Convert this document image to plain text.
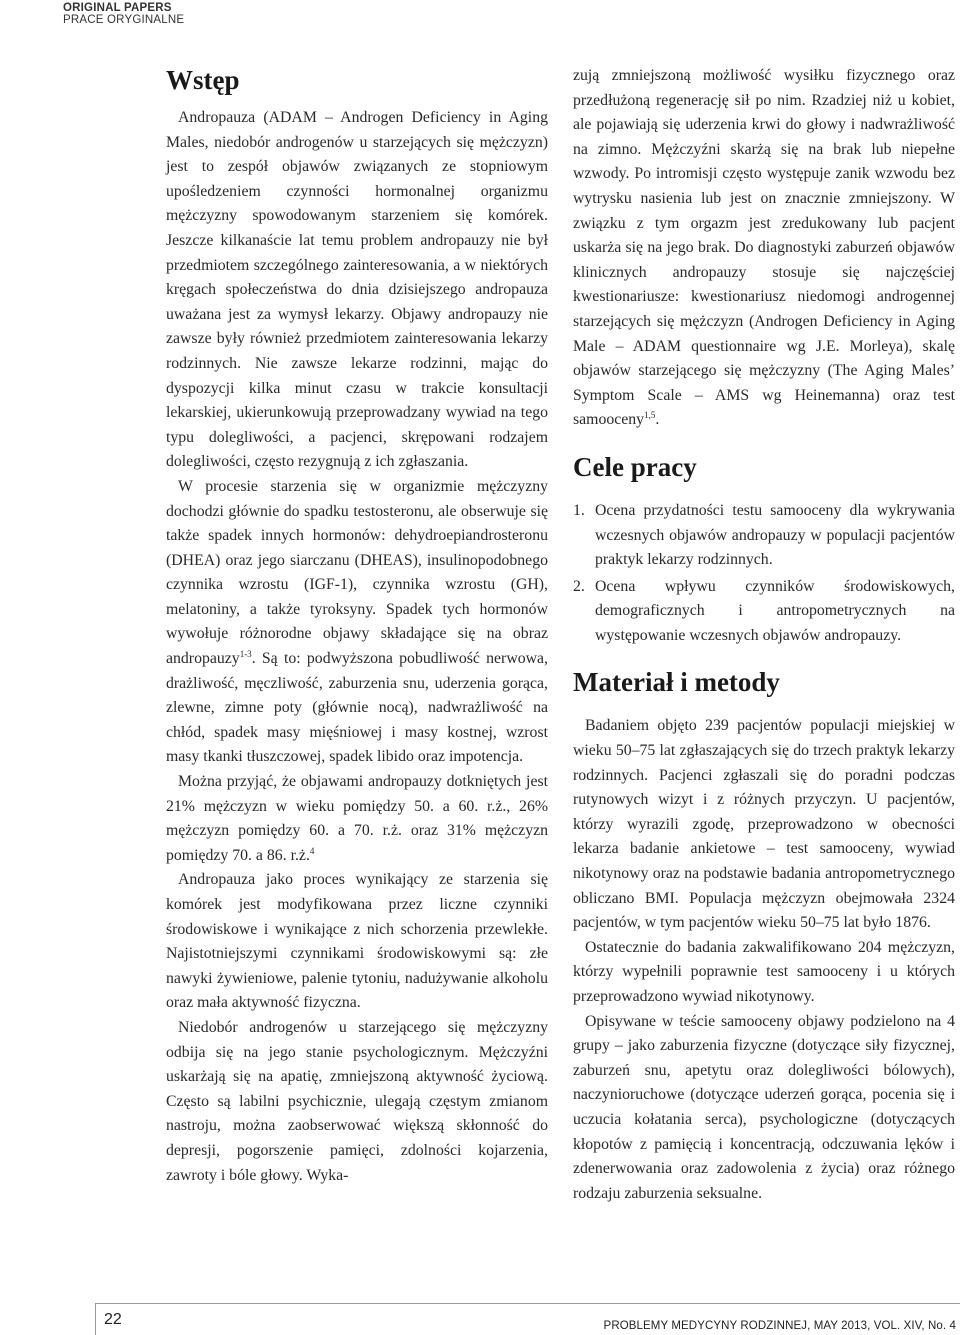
ORIGINAL PAPERS
PRACE ORYGINALNE
Wstęp

Andropauza (ADAM – Androgen Deficiency in Aging Males, niedobór androgenów u starzejących się mężczyzn) jest to zespół objawów związanych ze stopniowym upośledzeniem czynności hormonalnej organizmu mężczyzny spowodowanym starzeniem się komórek. Jeszcze kilkanaście lat temu problem andropauzy nie był przedmiotem szczególnego zainteresowania, a w niektórych kręgach społeczeństwa do dnia dzisiejszego andropauza uważana jest za wymysł lekarzy. Objawy andropauzy nie zawsze były również przedmiotem zainteresowania lekarzy rodzinnych. Nie zawsze lekarze rodzinni, mając do dyspozycji kilka minut czasu w trakcie konsultacji lekarskiej, ukierunkowują przeprowadzany wywiad na tego typu dolegliwości, a pacjenci, skrępowani rodzajem dolegliwości, często rezygnują z ich zgłaszania.

W procesie starzenia się w organizmie mężczyzny dochodzi głównie do spadku testosteronu, ale obserwuje się także spadek innych hormonów: dehydroepiandrosteronu (DHEA) oraz jego siarczanu (DHEAS), insulinopodobnego czynnika wzrostu (IGF-1), czynnika wzrostu (GH), melatoniny, a także tyroksyny. Spadek tych hormonów wywołuje różnorodne objawy składające się na obraz andropauzy$^{1-3}$. Są to: podwyższona pobudliwość nerwowa, drażliwość, męczliwość, zaburzenia snu, uderzenia gorąca, zlewne, zimne poty (głównie nocą), nadwrażliwość na chłód, spadek masy mięśniowej i masy kostnej, wzrost masy tkanki tłuszczowej, spadek libido oraz impotencja.

Można przyjąć, że objawami andropauzy dotkniętych jest 21% mężczyzn w wieku pomiędzy 50. a 60. r.ż., 26% mężczyzn pomiędzy 60. a 70. r.ż. oraz 31% mężczyzn pomiędzy 70. a 86. r.ż.$^4$

Andropauza jako proces wynikający ze starzenia się komórek jest modyfikowana przez liczne czynniki środowiskowe i wynikające z nich schorzenia przewlekłe. Najistotniejszymi czynnikami środowiskowymi są: złe nawyki żywieniowe, palenie tytoniu, nadużywanie alkoholu oraz mała aktywność fizyczna.

Niedobór androgenów u starzejącego się mężczyzny odbija się na jego stanie psychologicznym. Mężczyźni uskarżają się na apatię, zmniejszoną aktywność życiową. Często są labilni psychicznie, ulegają częstym zmianom nastroju, można zaobserwować większą skłonność do depresji, pogorszenie pamięci, zdolności kojarzenia, zawroty i bóle głowy. Wyka-

zują zmniejszoną możliwość wysiłku fizycznego oraz przedłużoną regenerację sił po nim. Rzadziej niż u kobiet, ale pojawiają się uderzenia krwi do głowy i nadwrażliwość na zimno. Mężczyźni skarżą się na brak lub niepełne wzwody. Po intromisji często występuje zanik wzwodu bez wytrysku nasienia lub jest on znacznie zmniejszony. W związku z tym orgazm jest zredukowany lub pacjent uskarża się na jego brak. Do diagnostyki zaburzeń objawów klinicznych andropauzy stosuje się najczęściej kwestionariusze: kwestionariusz niedomogi androgennej starzejących się mężczyzn (Androgen Deficiency in Aging Male – ADAM questionnaire wg J.E. Morleya), skalę objawów starzejącego się mężczyzny (The Aging Males’ Symptom Scale – AMS wg Heinemanna) oraz test samooceny$^{1,5}$.

Cele pracy
1. Ocena przydatności testu samooceny dla wykrywania wczesnych objawów andropauzy w populacji pacjentów praktyk lekarzy rodzinnych.
2. Ocena wpływu czynników środowiskowych, demograficznych i antropometrycznych na występowanie wczesnych objawów andropauzy.
Materiał i metody

Badaniem objęto 239 pacjentów populacji miejskiej w wieku 50–75 lat zgłaszających się do trzech praktyk lekarzy rodzinnych. Pacjenci zgłaszali się do poradni podczas rutynowych wizyt i z różnych przyczyn. U pacjentów, którzy wyrazili zgodę, przeprowadzono w obecności lekarza badanie ankietowe – test samooceny, wywiad nikotynowy oraz na podstawie badania antropometrycznego obliczano BMI. Populacja mężczyzn obejmowała 2324 pacjentów, w tym pacjentów wieku 50–75 lat było 1876.

Ostatecznie do badania zakwalifikowano 204 mężczyzn, którzy wypełnili poprawnie test samooceny i u których przeprowadzono wywiad nikotynowy.

Opisywane w teście samooceny objawy podzielono na 4 grupy – jako zaburzenia fizyczne (dotyczące siły fizycznej, zaburzeń snu, apetytu oraz dolegliwości bólowych), naczynioruchowe (dotyczące uderzeń gorąca, pocenia się i uczucia kołatania serca), psychologiczne (dotyczących kłopotów z pamięcią i koncentracją, odczuwania lęków i zdenerwowania oraz zadowolenia z życia) oraz różnego rodzaju zaburzenia seksualne.

22	PROBLEMY MEDYCYNY RODZINNEJ, MAY 2013, VOL. XIV, No. 4
